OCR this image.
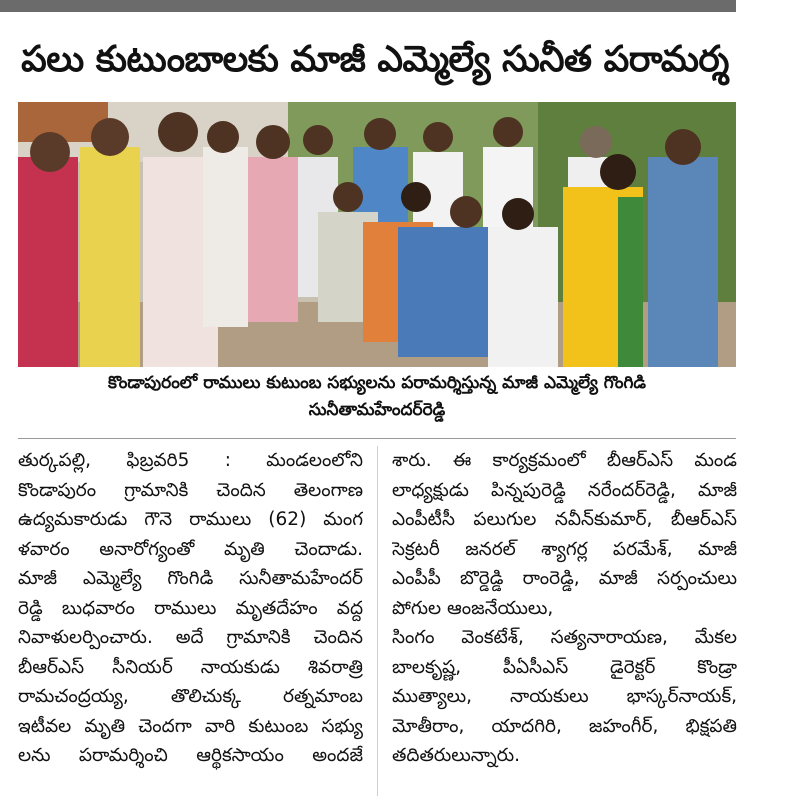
పలు కుటుంబాలకు మాజీ ఎమ్మెల్యే సునీత పరామర్శ
కొండాపురంలో రాములు కుటుంబ సభ్యులను పరామర్శిస్తున్న మాజీ ఎమ్మెల్యే గొంగిడి
సునీతామహేందర్‌రెడ్డి
తుర్కపల్లి, ఫిబ్రవరి5 : మండలంలోని
కొండాపురం గ్రామానికి చెందిన తెలంగాణ
ఉద్యమకారుడు గౌనె రాములు (62) మంగ
ళవారం అనారోగ్యంతో మృతి చెందాడు.
మాజీ ఎమ్మెల్యే గొంగిడి సునీతామహేందర్
రెడ్డి బుధవారం రాములు మృతదేహం వద్ద
నివాళులర్పించారు. అదే గ్రామానికి చెందిన
బీఆర్ఎస్ సీనియర్ నాయకుడు శివరాత్రి
రామచంద్రయ్య, తొలిచుక్క రత్నమాంబ
ఇటీవల మృతి చెందగా వారి కుటుంబ సభ్యు
లను పరామర్శించి ఆర్థికసాయం అందజే
శారు. ఈ కార్యక్రమంలో బీఆర్ఎస్ మండ
లాధ్యక్షుడు పిన్నపురెడ్డి నరేందర్‌రెడ్డి, మాజీ
ఎంపీటీసీ పలుగుల నవీన్‌కుమార్, బీఆర్ఎస్
సెక్రటరీ జనరల్ శ్యాగర్ల పరమేశ్, మాజీ
ఎంపీపీ బొర్డెడ్డి రాంరెడ్డి, మాజీ సర్పంచులు
పోగుల ఆంజనేయులు,
సింగం వెంకటేశ్, సత్యనారాయణ, మేకల
బాలకృష్ణ, పీఏసీఎస్ డైరెక్టర్ కొండ్రా
ముత్యాలు, నాయకులు భాస్కర్‌నాయక్,
మోతీరాం, యాదగిరి, జహంగీర్, భిక్షపతి
తదితరులున్నారు.
